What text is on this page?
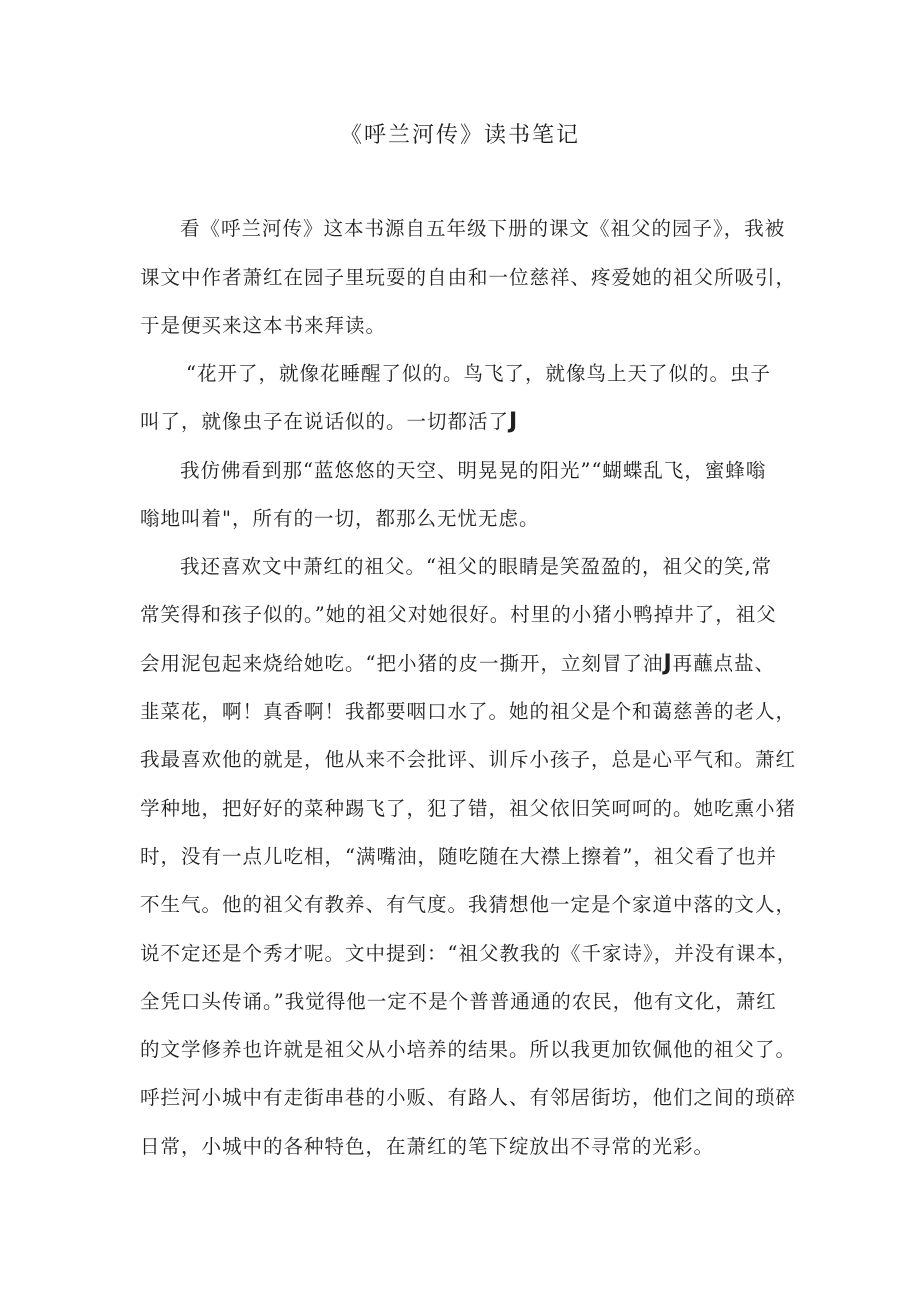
《呼兰河传》读书笔记
看《呼兰河传》这本书源自五年级下册的课文《祖父的园子》，我被
课文中作者萧红在园子里玩耍的自由和一位慈祥、疼爱她的祖父所吸引，
于是便买来这本书来拜读。
“花开了，就像花睡醒了似的。鸟飞了，就像鸟上天了似的。虫子
叫了，就像虫子在说话似的。一切都活了J
我仿佛看到那“蓝悠悠的天空、明晃晃的阳光”“蝴蝶乱飞，蜜蜂嗡
嗡地叫着"，所有的一切，都那么无忧无虑。
我还喜欢文中萧红的祖父。“祖父的眼睛是笑盈盈的，祖父的笑,常
常笑得和孩子似的。”她的祖父对她很好。村里的小猪小鸭掉井了，祖父
会用泥包起来烧给她吃。“把小猪的皮一撕开，立刻冒了油J再蘸点盐、
韭菜花，啊！真香啊！我都要咽口水了。她的祖父是个和蔼慈善的老人，
我最喜欢他的就是，他从来不会批评、训斥小孩子，总是心平气和。萧红
学种地，把好好的菜种踢飞了，犯了错，祖父依旧笑呵呵的。她吃熏小猪
时，没有一点儿吃相，“满嘴油，随吃随在大襟上擦着”，祖父看了也并
不生气。他的祖父有教养、有气度。我猜想他一定是个家道中落的文人，
说不定还是个秀才呢。文中提到：“祖父教我的《千家诗》，并没有课本，
全凭口头传诵。”我觉得他一定不是个普普通通的农民，他有文化，萧红
的文学修养也许就是祖父从小培养的结果。所以我更加钦佩他的祖父了。
呼拦河小城中有走街串巷的小贩、有路人、有邻居街坊，他们之间的琐碎
日常，小城中的各种特色，在萧红的笔下绽放出不寻常的光彩。
